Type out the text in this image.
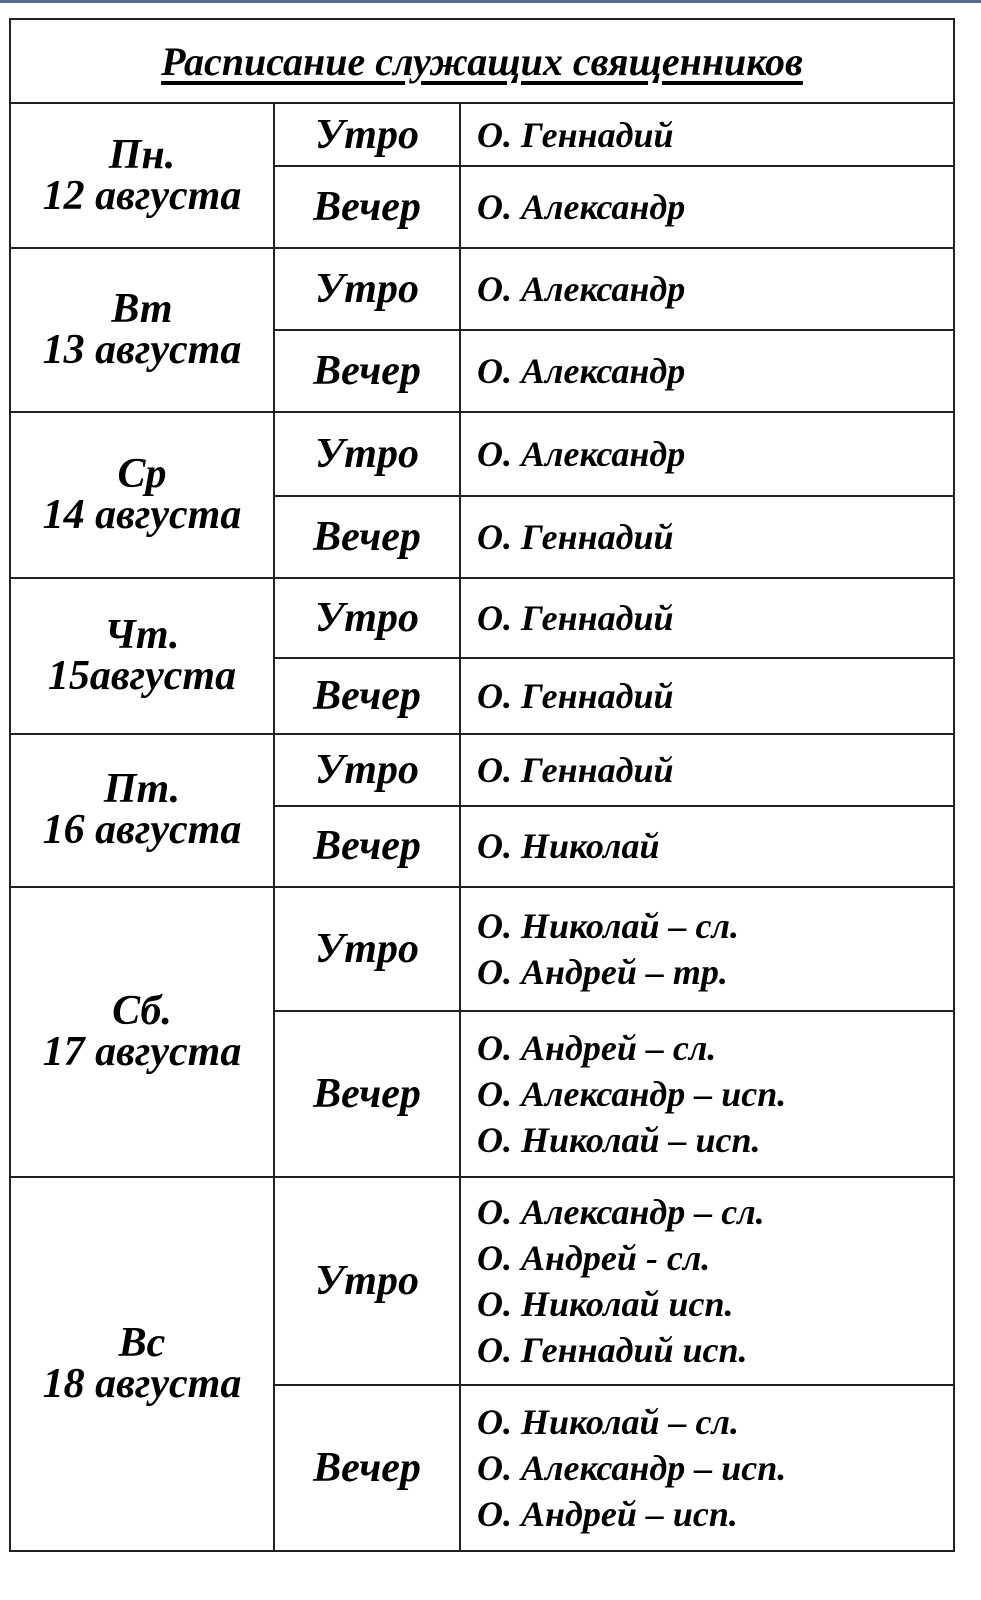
Расписание служащих священников		

Пн.
12 августа	Утро	О. Геннадий

	Вечер	О. Александр

Вт
13 августа	Утро	О. Александр

	Вечер	О. Александр

Ср
14 августа	Утро	О. Александр

	Вечер	О. Геннадий

Чт.
15августа	Утро	О. Геннадий

	Вечер	О. Геннадий

Пт.
16 августа	Утро	О. Геннадий

	Вечер	О. Николай

Сб.
17 августа	Утро	О. Николай – сл.
О. Андрей – тр.

	Вечер	О. Андрей – сл.
О. Александр – исп.
О. Николай – исп.

Вс
18 августа	Утро	О. Александр – сл.
О. Андрей - сл.
О. Николай исп.
О. Геннадий исп.

	Вечер	О. Николай – сл.
О. Александр – исп.
О. Андрей – исп.
